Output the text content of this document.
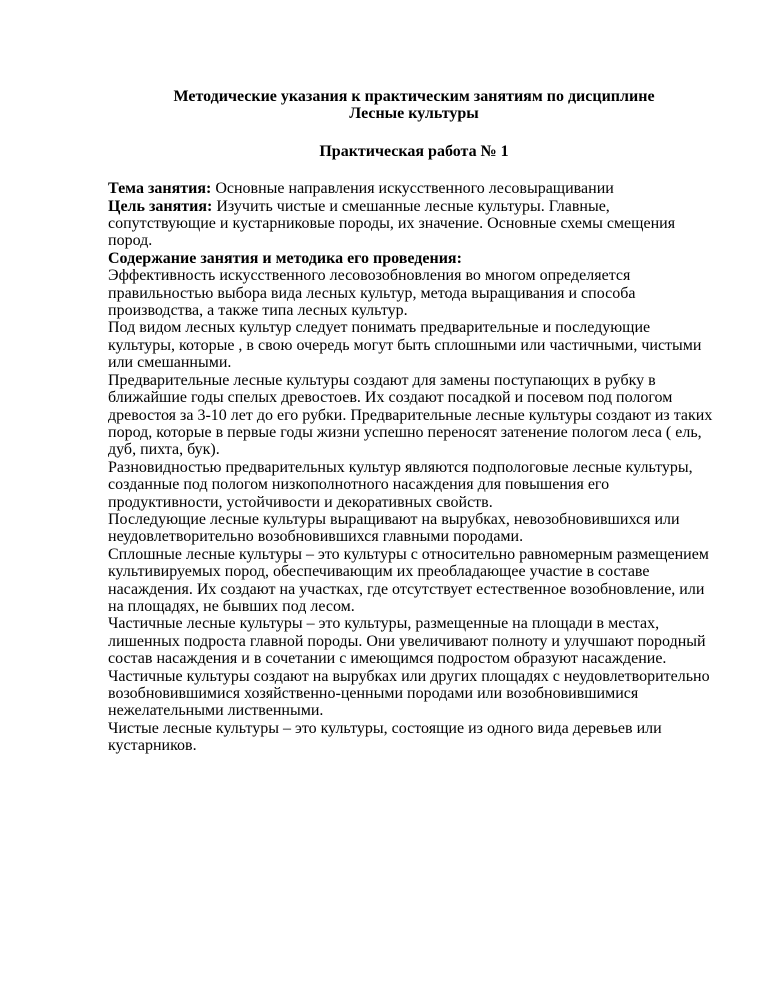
Методические указания к практическим занятиям по дисциплине
Лесные культуры
Практическая работа № 1

Тема занятия: Основные направления искусственного лесовыращивании

Цель занятия: Изучить чистые и смешанные лесные культуры. Главные, сопутствующие и кустарниковые породы, их значение. Основные схемы смещения пород.

Содержание занятия и методика его проведения:

Эффективность искусственного лесовозобновления во многом определяется правильностью выбора вида лесных культур, метода выращивания и способа производства, а также типа лесных культур.

Под видом лесных культур следует понимать предварительные и последующие культуры, которые , в свою очередь могут быть сплошными или частичными, чистыми или смешанными.

Предварительные лесные культуры создают для замены поступающих в рубку в ближайшие годы спелых древостоев. Их создают посадкой и посевом под пологом древостоя за 3-10 лет до его рубки. Предварительные лесные культуры создают из таких пород, которые в первые годы жизни успешно переносят затенение пологом леса ( ель, дуб, пихта, бук).

Разновидностью предварительных культур являются подпологовые лесные культуры, созданные под пологом низкополнотного насаждения для повышения его продуктивности, устойчивости и декоративных свойств.

Последующие лесные культуры выращивают на вырубках, невозобновившихся или неудовлетворительно возобновившихся главными породами.

Сплошные лесные культуры – это культуры с относительно равномерным размещением культивируемых пород, обеспечивающим их преобладающее участие в составе насаждения. Их создают на участках, где отсутствует естественное возобновление, или на площадях, не бывших под лесом.

Частичные лесные культуры – это культуры, размещенные на площади в местах, лишенных подроста главной породы. Они увеличивают полноту и улучшают породный состав насаждения и в сочетании с имеющимся подростом образуют насаждение. Частичные культуры создают на вырубках или других площадях с неудовлетворительно возобновившимися хозяйственно-ценными породами или возобновившимися нежелательными лиственными.

Чистые лесные культуры – это культуры, состоящие из одного вида деревьев или кустарников.
